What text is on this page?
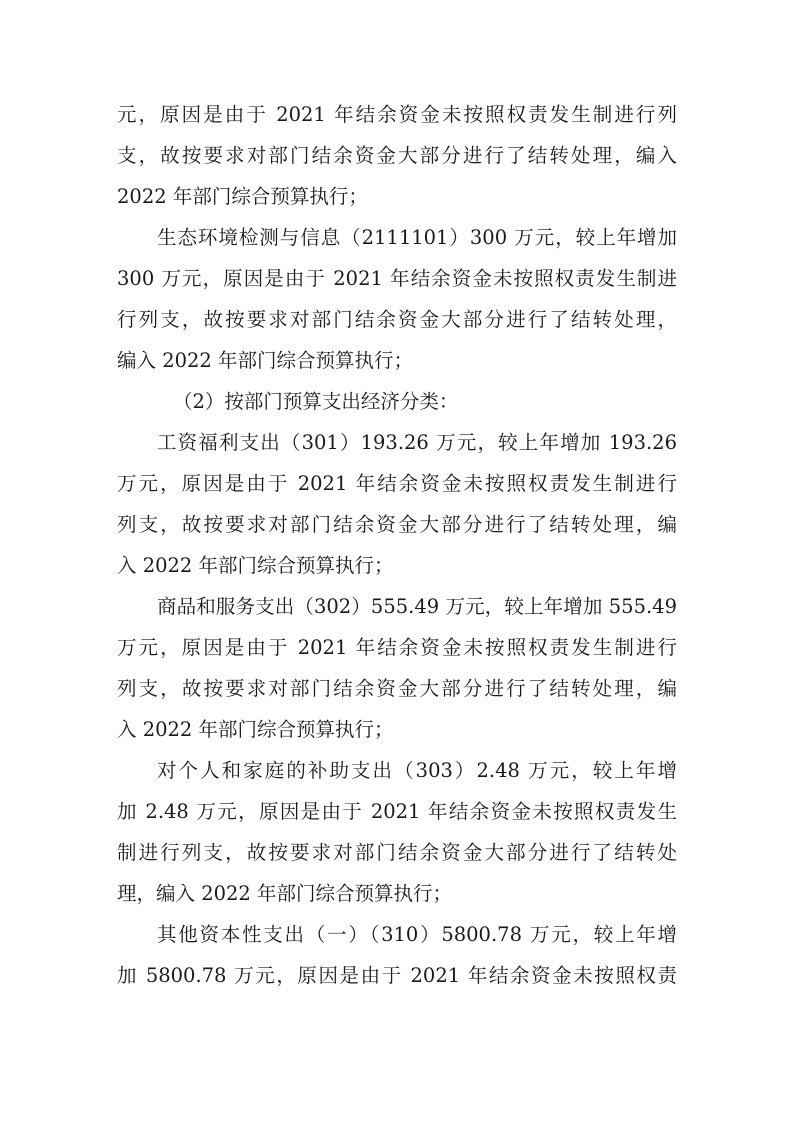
元，原因是由于 2021 年结余资金未按照权责发生制进行列
支，故按要求对部门结余资金大部分进行了结转处理，编入
2022 年部门综合预算执行；
生态环境检测与信息（2111101）300 万元，较上年增加
300 万元，原因是由于 2021 年结余资金未按照权责发生制进
行列支，故按要求对部门结余资金大部分进行了结转处理，
编入 2022 年部门综合预算执行；
（2）按部门预算支出经济分类：
工资福利支出（301）193.26 万元，较上年增加 193.26
万元，原因是由于 2021 年结余资金未按照权责发生制进行
列支，故按要求对部门结余资金大部分进行了结转处理，编
入 2022 年部门综合预算执行；
商品和服务支出（302）555.49 万元，较上年增加 555.49
万元，原因是由于 2021 年结余资金未按照权责发生制进行
列支，故按要求对部门结余资金大部分进行了结转处理，编
入 2022 年部门综合预算执行；
对个人和家庭的补助支出（303）2.48 万元，较上年增
加 2.48 万元，原因是由于 2021 年结余资金未按照权责发生
制进行列支，故按要求对部门结余资金大部分进行了结转处
理，编入 2022 年部门综合预算执行；
其他资本性支出（一）（310）5800.78 万元，较上年增
加 5800.78 万元，原因是由于 2021 年结余资金未按照权责
